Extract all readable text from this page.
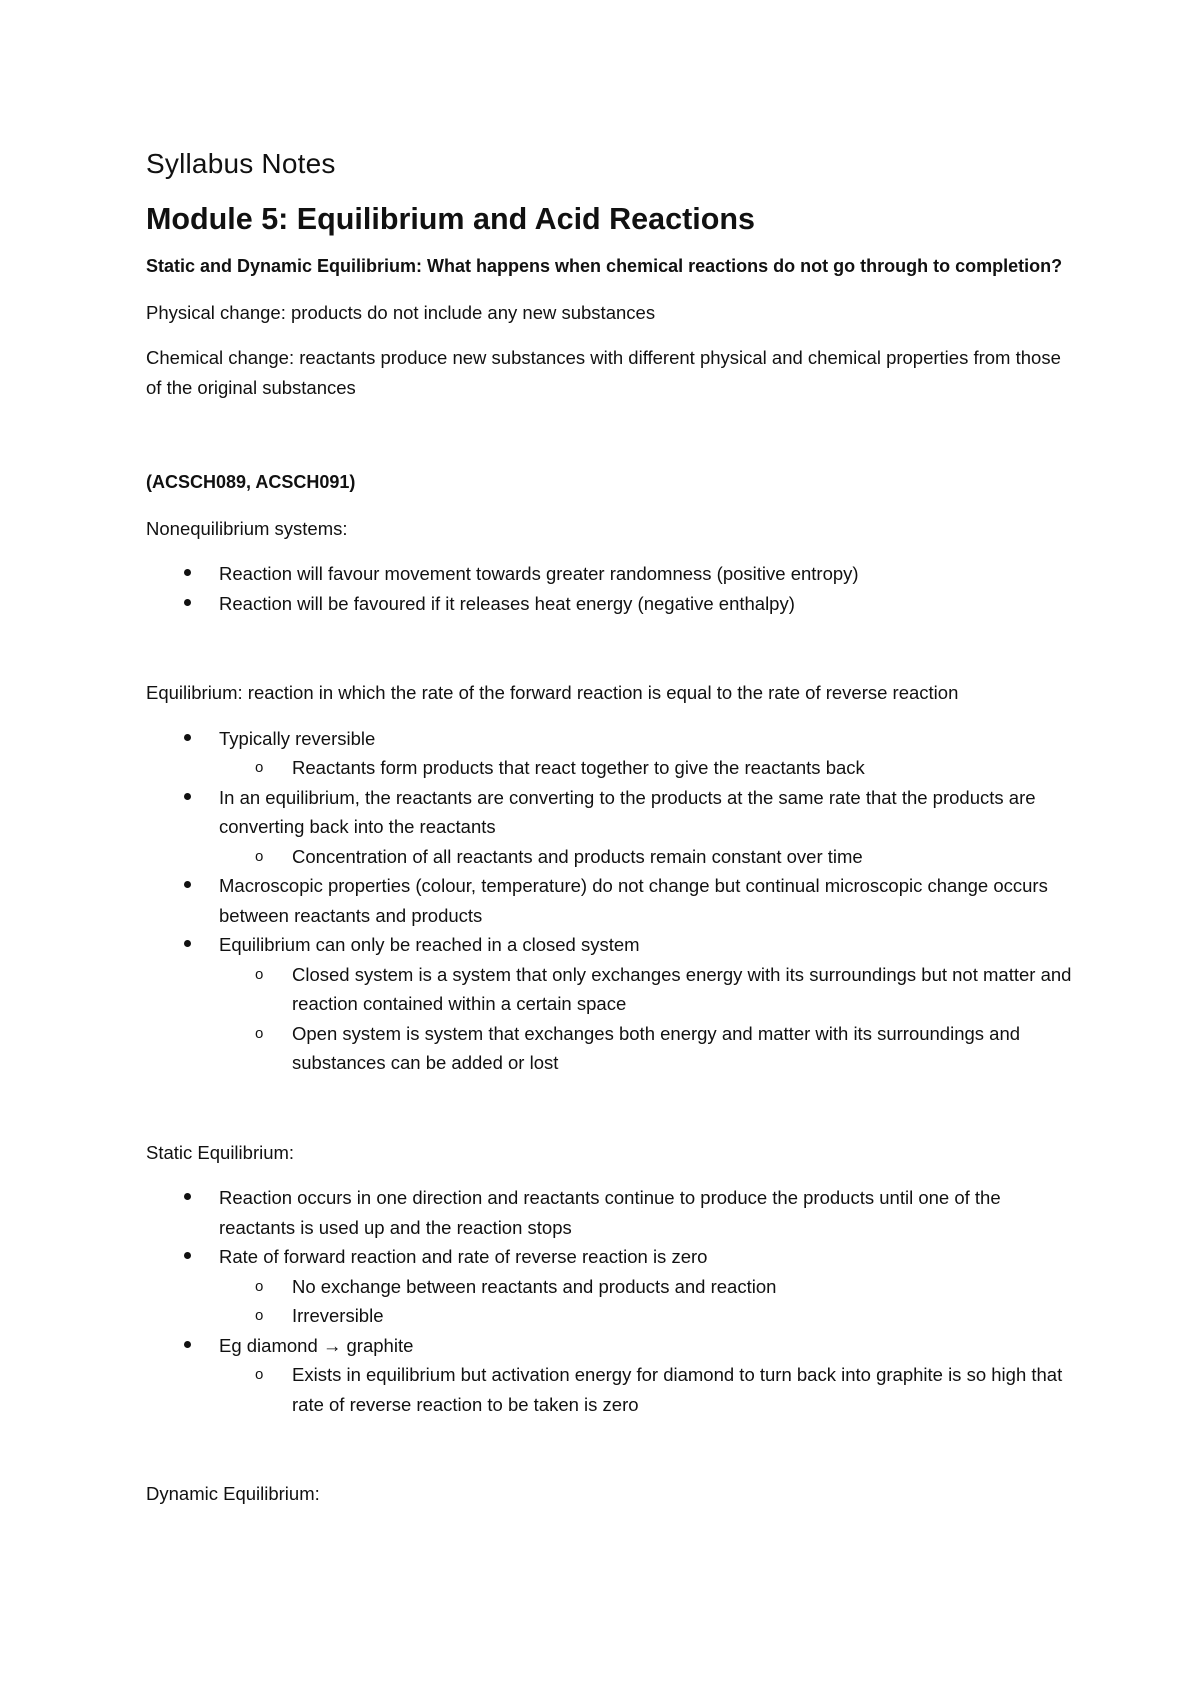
Syllabus Notes
Module 5: Equilibrium and Acid Reactions
Static and Dynamic Equilibrium: What happens when chemical reactions do not go through to completion?

Physical change: products do not include any new substances

Chemical change: reactants produce new substances with different physical and chemical properties from those of the original substances

(ACSCH089, ACSCH091)

Nonequilibrium systems:

Reaction will favour movement towards greater randomness (positive entropy)
Reaction will be favoured if it releases heat energy (negative enthalpy)

Equilibrium: reaction in which the rate of the forward reaction is equal to the rate of reverse reaction

Typically reversible
o Reactants form products that react together to give the reactants back
In an equilibrium, the reactants are converting to the products at the same rate that the products are converting back into the reactants
o Concentration of all reactants and products remain constant over time
Macroscopic properties (colour, temperature) do not change but continual microscopic change occurs between reactants and products
Equilibrium can only be reached in a closed system
o Closed system is a system that only exchanges energy with its surroundings but not matter and reaction contained within a certain space
o Open system is system that exchanges both energy and matter with its surroundings and substances can be added or lost

Static Equilibrium:

Reaction occurs in one direction and reactants continue to produce the products until one of the reactants is used up and the reaction stops
Rate of forward reaction and rate of reverse reaction is zero
o No exchange between reactants and products and reaction
o Irreversible
Eg diamond → graphite
o Exists in equilibrium but activation energy for diamond to turn back into graphite is so high that rate of reverse reaction to be taken is zero

Dynamic Equilibrium:
